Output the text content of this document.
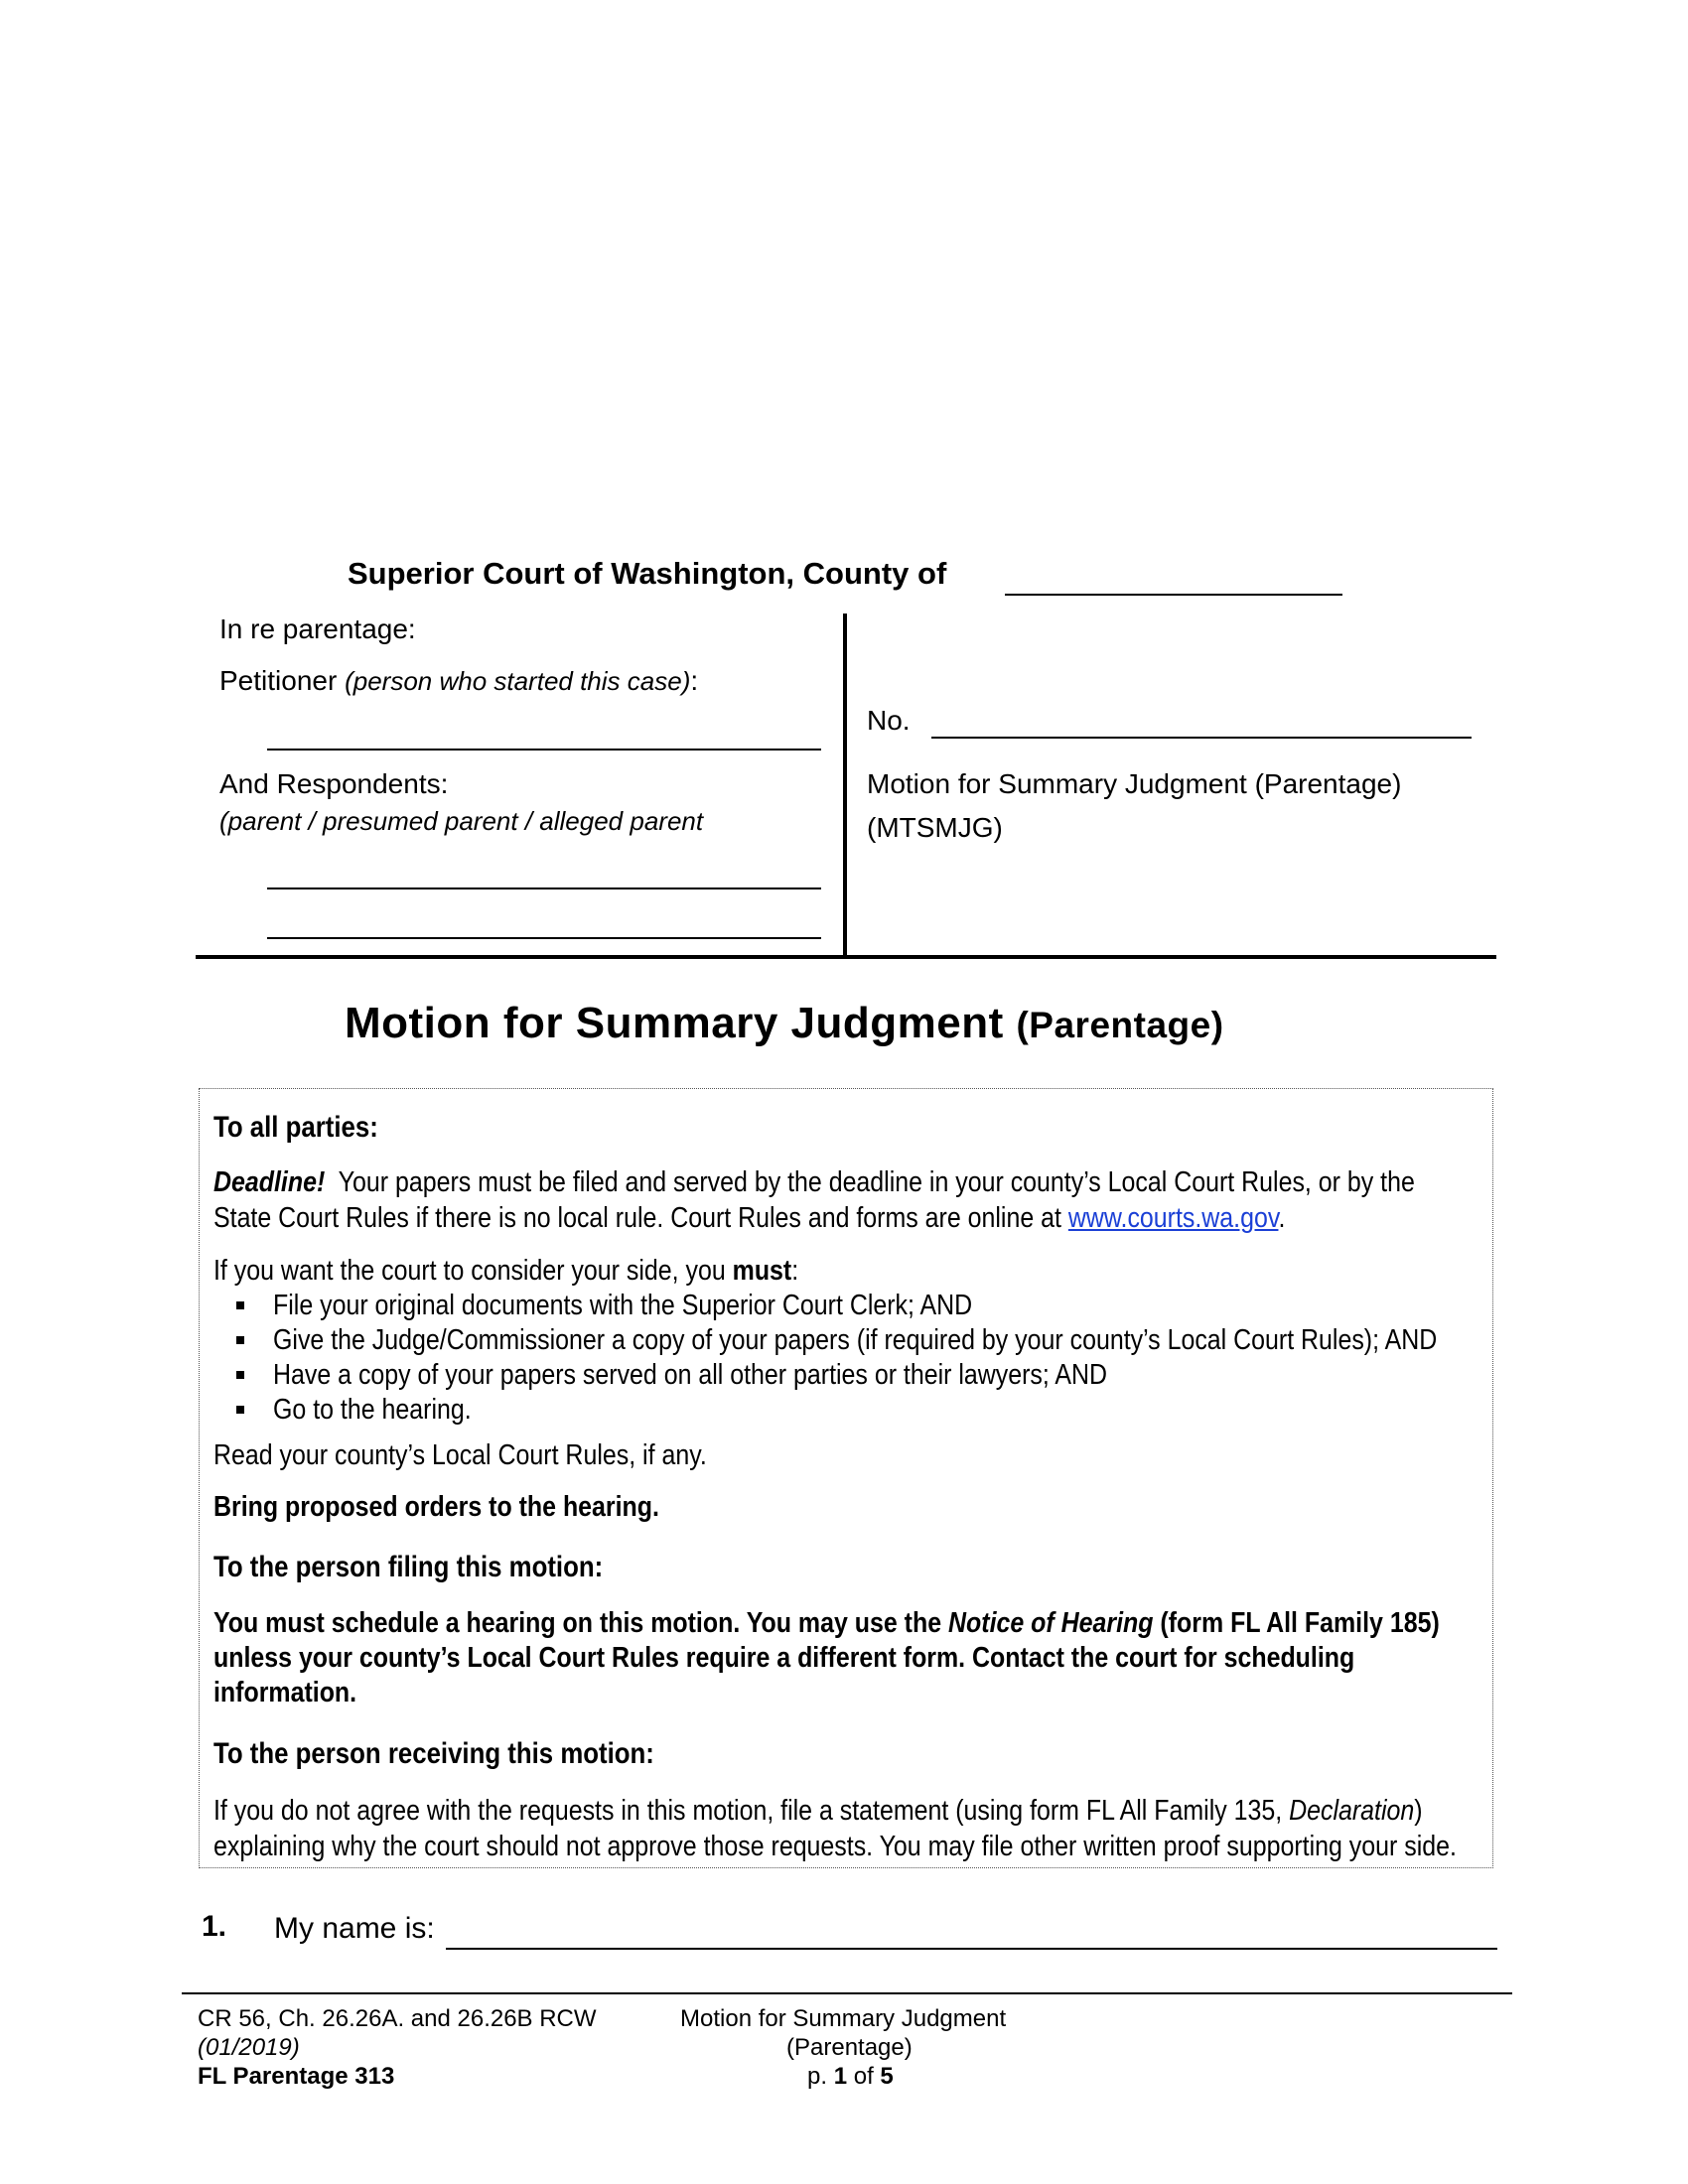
Superior Court of Washington, County of
In re parentage:
Petitioner (person who started this case):
And Respondents:
(parent / presumed parent / alleged parent
No.
Motion for Summary Judgment (Parentage)
(MTSMJG)
Motion for Summary Judgment (Parentage)
To all parties:
Deadline! Your papers must be filed and served by the deadline in your county’s Local Court Rules, or by the
State Court Rules if there is no local rule. Court Rules and forms are online at www.courts.wa.gov.
If you want the court to consider your side, you must:
File your original documents with the Superior Court Clerk; AND
Give the Judge/Commissioner a copy of your papers (if required by your county’s Local Court Rules); AND
Have a copy of your papers served on all other parties or their lawyers; AND
Go to the hearing.
Read your county’s Local Court Rules, if any.
Bring proposed orders to the hearing.
To the person filing this motion:
You must schedule a hearing on this motion. You may use the Notice of Hearing (form FL All Family 185)
unless your county’s Local Court Rules require a different form. Contact the court for scheduling
information.
To the person receiving this motion:
If you do not agree with the requests in this motion, file a statement (using form FL All Family 135, Declaration)
explaining why the court should not approve those requests. You may file other written proof supporting your side.
1. My name is:
CR 56, Ch. 26.26A. and 26.26B RCW
(01/2019)
FL Parentage 313
Motion for Summary Judgment
(Parentage)
p. 1 of 5
